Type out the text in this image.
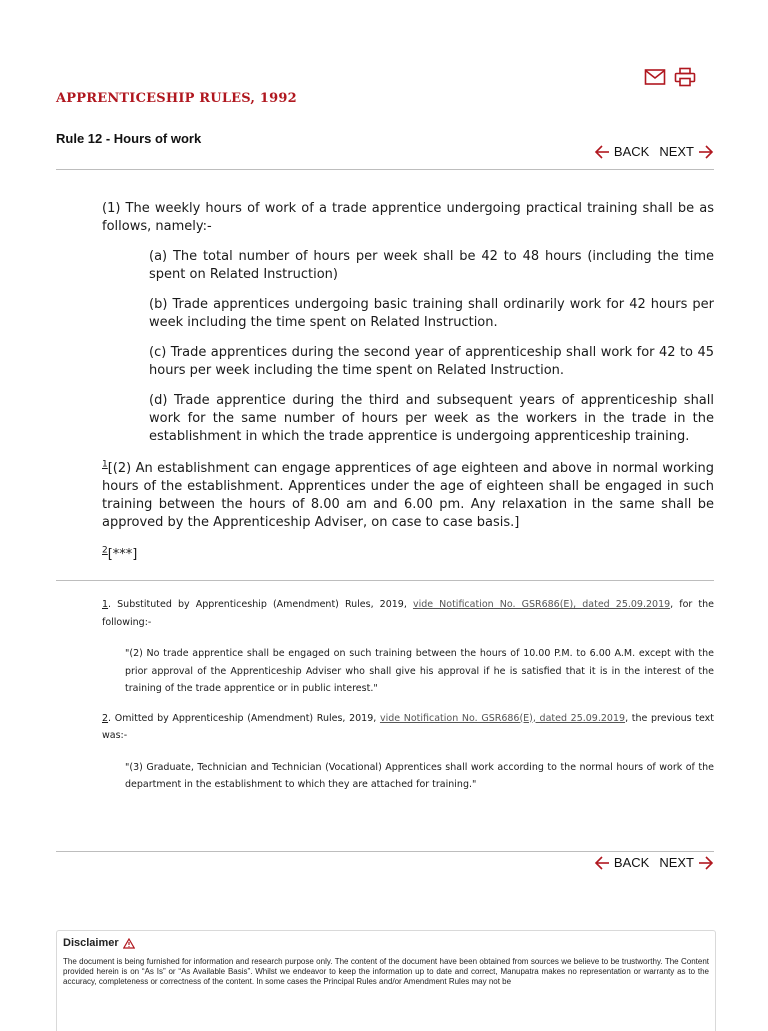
APPRENTICESHIP RULES, 1992
Rule 12 - Hours of work
BACK NEXT

(1) The weekly hours of work of a trade apprentice undergoing practical training shall be as follows, namely:-

(a) The total number of hours per week shall be 42 to 48 hours (including the time spent on Related Instruction)

(b) Trade apprentices undergoing basic training shall ordinarily work for 42 hours per week including the time spent on Related Instruction.

(c) Trade apprentices during the second year of apprenticeship shall work for 42 to 45 hours per week including the time spent on Related Instruction.

(d) Trade apprentice during the third and subsequent years of apprenticeship shall work for the same number of hours per week as the workers in the trade in the establishment in which the trade apprentice is undergoing apprenticeship training.

$^1$[(2) An establishment can engage apprentices of age eighteen and above in normal working hours of the establishment. Apprentices under the age of eighteen shall be engaged in such training between the hours of 8.00 am and 6.00 pm. Any relaxation in the same shall be approved by the Apprenticeship Adviser, on case to case basis.]

$^2$[***]

1. Substituted by Apprenticeship (Amendment) Rules, 2019, vide Notification No. GSR686(E), dated 25.09.2019, for the following:-

"(2) No trade apprentice shall be engaged on such training between the hours of 10.00 P.M. to 6.00 A.M. except with the prior approval of the Apprenticeship Adviser who shall give his approval if he is satisfied that it is in the interest of the training of the trade apprentice or in public interest."

2. Omitted by Apprenticeship (Amendment) Rules, 2019, vide Notification No. GSR686(E), dated 25.09.2019, the previous text was:-

"(3) Graduate, Technician and Technician (Vocational) Apprentices shall work according to the normal hours of work of the department in the establishment to which they are attached for training."

BACK NEXT

Disclaimer

The document is being furnished for information and research purpose only. The content of the document have been obtained from sources we believe to be trustworthy. The Content provided herein is on “As Is” or “As Available Basis”. Whilst we endeavor to keep the information up to date and correct, Manupatra makes no representation or warranty as to the accuracy, completeness or correctness of the content. In some cases the Principal Rules and/or Amendment Rules may not be
